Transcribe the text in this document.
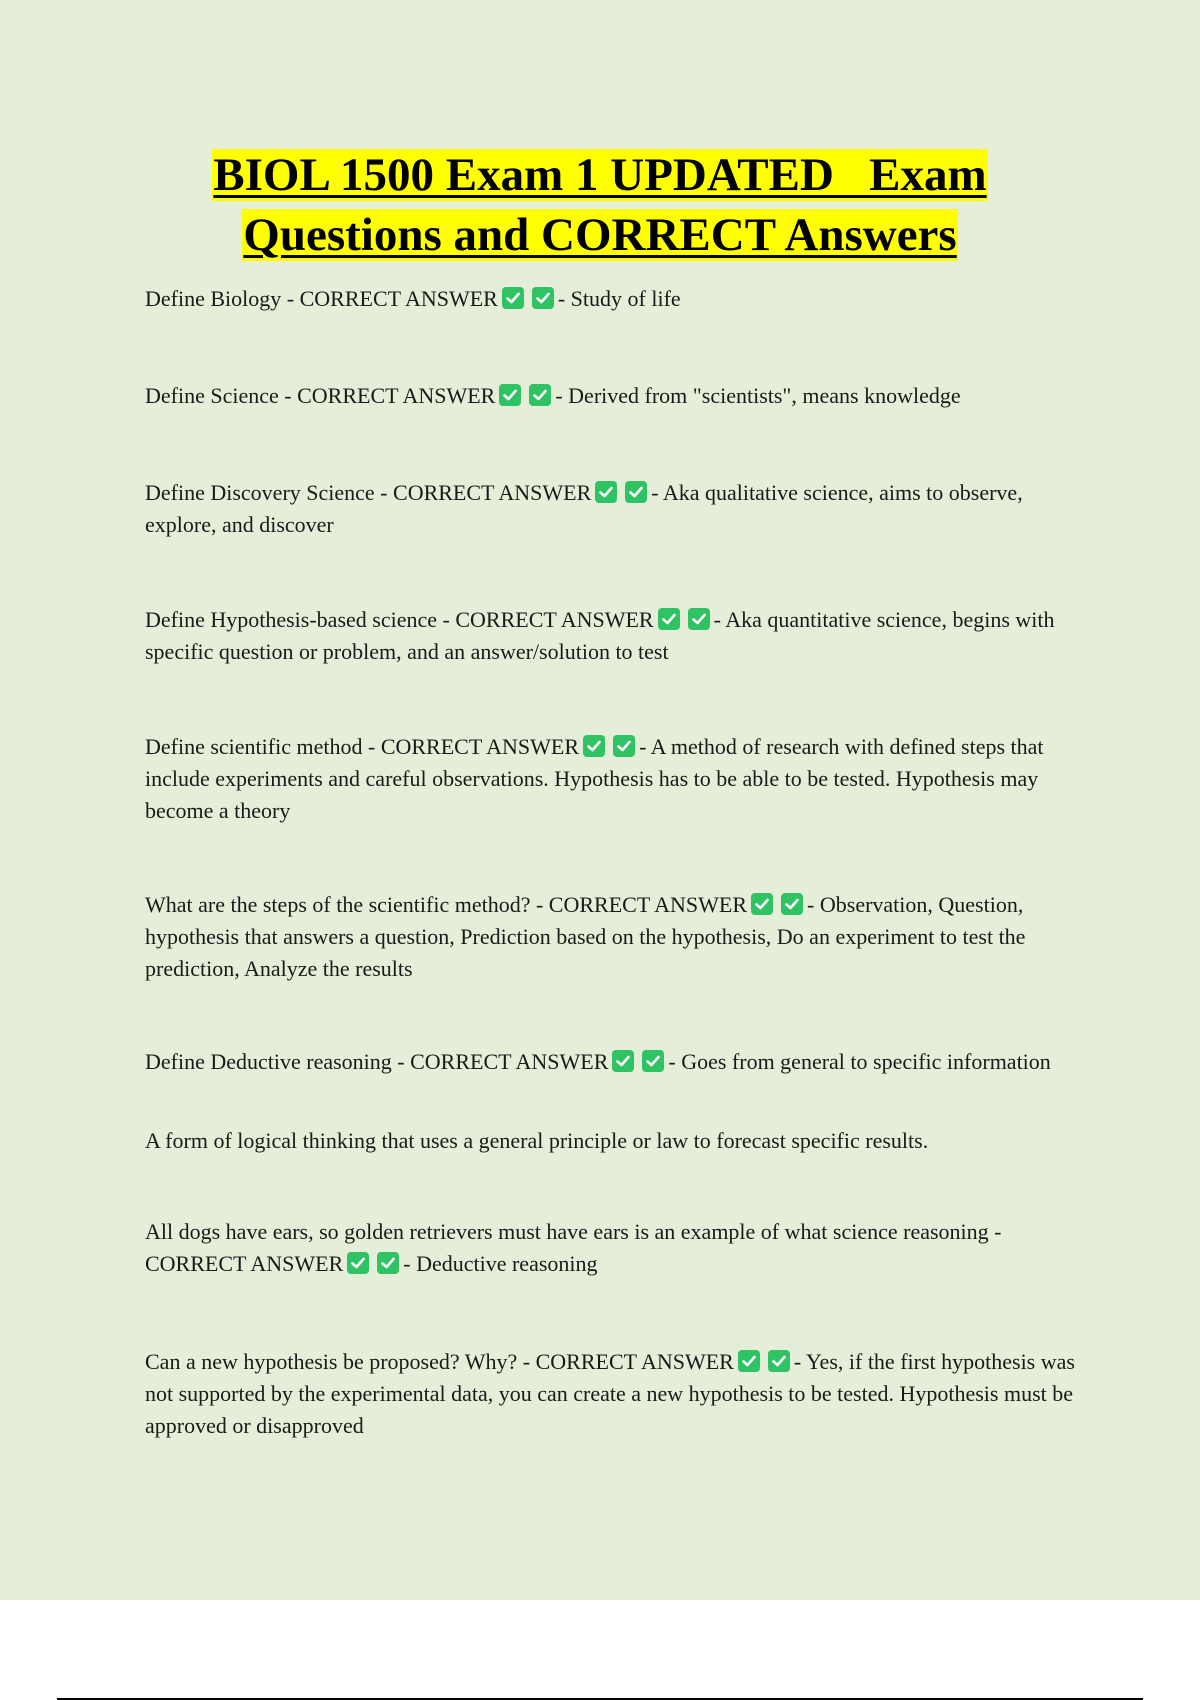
BIOL 1500 Exam 1 UPDATED   Exam
Questions and CORRECT Answers
Define Biology - CORRECT ANSWER	- Study of life
Define Science - CORRECT ANSWER	- Derived from "scientists", means knowledge
Define Discovery Science - CORRECT ANSWER	- Aka qualitative science, aims to observe, explore, and discover
Define Hypothesis-based science - CORRECT ANSWER	- Aka quantitative science, begins with specific question or problem, and an answer/solution to test
Define scientific method - CORRECT ANSWER	- A method of research with defined steps that include experiments and careful observations. Hypothesis has to be able to be tested. Hypothesis may become a theory
What are the steps of the scientific method? - CORRECT ANSWER	- Observation, Question, hypothesis that answers a question, Prediction based on the hypothesis, Do an experiment to test the prediction, Analyze the results
Define Deductive reasoning - CORRECT ANSWER	- Goes from general to specific information
A form of logical thinking that uses a general principle or law to forecast specific results.
All dogs have ears, so golden retrievers must have ears is an example of what science reasoning - CORRECT ANSWER	- Deductive reasoning
Can a new hypothesis be proposed? Why? - CORRECT ANSWER	- Yes, if the first hypothesis was not supported by the experimental data, you can create a new hypothesis to be tested. Hypothesis must be approved or disapproved
